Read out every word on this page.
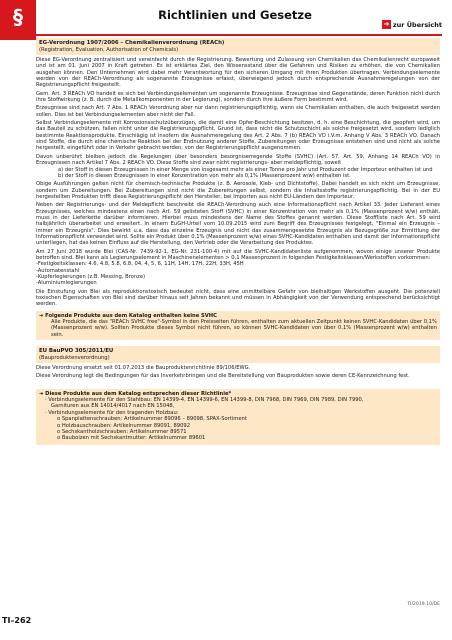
§	Richtlinien und Gesetze
➜ zur Übersicht
EG-Verordnung 1907/2006 – Chemikalienverordnung (REACh)
(Registration, Evaluation, Authorisation of Chemicals)

Diese EG-Verordnung zentralisiert und vereinfacht durch die Registrierung, Bewertung und Zulassung von Chemikalien das Chemikalienrecht europaweit und ist am 01. Juni 2007 in Kraft getreten. Es ist erklärtes Ziel, den Wissensstand über die Gefahren und Risiken zu erhöhen, die von Chemikalien ausgehen können. Den Unternehmen wird dabei mehr Verantwortung für den sicheren Umgang mit ihren Produkten übertragen. Verbindungselemente werden von der REACh-Verordnung als sogenannte Erzeugnisse erfasst, überwiegend jedoch durch entsprechende Ausnahmeregelungen von der Registrierungspflicht freigestellt.

Gem. Art. 3 REACh VO handelt es sich bei Verbindungselementen um sogenannte Erzeugnisse. Erzeugnisse sind Gegenstände, deren Funktion nicht durch ihre Stoffwirkung (z. B. durch die Metallkomponenten in der Legierung), sondern durch ihre äußere Form bestimmt wird.

Erzeugnisse sind nach Art. 7 Abs. 1 REACh Verordnung aber nur dann registrierungspflichtig, wenn sie Chemikalien enthalten, die auch freigesetzt werden sollen. Dies ist bei Verbindungselementen aber nicht der Fall.

Selbst Verbindungselemente mit Korrosionsschutzüberzügen, die damit eine Opfer-Beschichtung besitzen, d. h. eine Beschichtung, die geopfert wird, um das Bauteil zu schützen, fallen nicht unter die Registrierungspflicht. Grund ist, dass nicht die Schutzschicht als solche freigesetzt wird, sondern lediglich bestimmte Reaktionsprodukte. Einschlägig ist insofern die Ausnahmeregelung des Art. 2 Abs. 7 (b) REACh VO i.V.m. Anhang V Abs. 3 REACh VO. Danach sind Stoffe, die durch eine chemische Reaktion bei der Endnutzung anderer Stoffe, Zubereitungen oder Erzeugnisse entstehen sind und nicht als solche hergestellt, eingeführt oder in Verkehr gebracht werden, von der Registrierungspflicht ausgenommen.

Davon unberührt bleiben jedoch die Regelungen über besonders besorgniserregende Stoffe (SVHC) (Art. 57, Art. 59, Anhang 14 REACh VO) in Erzeugnissen nach Artikel 7 Abs. 2 REACh VO. Diese Stoffe sind zwar nicht registrierungs- aber meldepflichtig, soweit

a) der Stoff in diesen Erzeugnissen in einer Menge von insgesamt mehr als einer Tonne pro Jahr und Produzent oder Importeur enthalten ist und
b) der Stoff in diesen Erzeugnissen in einer Konzentration von mehr als 0,1% (Massenprozent w/w) enthalten ist.

Obige Ausführungen gelten nicht für chemisch-technische Produkte (z. B. Aerosole, Kleb- und Dichtstoffe). Dabei handelt es sich nicht um Erzeugnisse, sondern um Zubereitungen. Bei Zubereitungen sind nicht die Zubereitungen selbst, sondern die Inhaltsstoffe registrierungspflichtig. Bei in der EU hergestellten Produkten trifft diese Registrierungspflicht den Hersteller, bei Importen aus nicht EU-Ländern den Importeur.

Neben der Registrierungs- und der Meldepflicht beschreibt die REACh-Verordnung auch eine Informationspflicht nach Artikel 33. Jeder Lieferant eines Erzeugnisses, welches mindestens einen nach Art. 59 gelisteten Stoff (SVHC) in einer Konzentration von mehr als 0,1% (Massenprozent w/w) enthält, muss in der Lieferkette darüber informieren. Hierbei muss mindestens der Name des Stoffes genannt werden. Diese Stoffliste nach Art. 59 wird halbjährlich überarbeitet und erweitert. In einem EuGH-Urteil vom 10.09.2015 wird zum Begriff des Erzeugnisses festgelegt, "Einmal ein Erzeugnis – immer ein Erzeugnis". Dies bewirkt u.a. dass das einzelne Erzeugnis und nicht das zusammengesetzte Erzeugnis als Bezugsgröße zur Ermittlung der Informationspflicht verwendet wird. Sollte ein Produkt über 0,1% (Massenprozent w/w) eines SVHC-Kandidaten enthalten und damit der Informationspflicht unterliegen, hat das keinen Einfluss auf die Herstellung, den Vertrieb oder die Verarbeitung des Produktes.

Am 27 Juni 2018 wurde Blei (CAS-Nr. 7439-92-1, EG-Nr. 231-100-4) mit auf die SVHC-Kandidatenliste aufgenommen, wovon einige unserer Produkte betroffen sind. Blei kann als Legierungselement in Maschinenelementen > 0,1 Massenprozent in folgenden Festigkeitsklassen/Werkstoffen vorkommen:

-Festigkeitsklassen: 4.6, 4.8, 5.8, 6.8, 04, 4, 5, 6, 11H, 14H, 17H, 22H, 33H, 45H
-Automatenstahl
-Kupferlegierungen (z.B. Messing, Bronze)
-Aluminiumlegierungen

Die Einstufung von Blei als reproduktionstoxisch bedeutet nicht, dass eine unmittelbare Gefahr von bleihaltigen Werkstoffen ausgeht. Die potenziell toxischen Eigenschaften von Blei sind darüber hinaus seit Jahren bekannt und müssen in Abhängigkeit von der Verwendung entsprechend berücksichtigt werden.

➜ Folgende Produkte aus dem Katalog enthalten keine SVHC
Alle Produkte, die das "REACh SVHC free"-Symbol in den Preisseiten führen, enthalten zum aktuellen Zeitpunkt keinen SVHC-Kandidaten über 0,1% (Massenprozent w/w). Sollten Produkte dieses Symbol nicht führen, so können SVHC-Kandidaten von über 0,1% (Massenprozent w/w) enthalten sein.
EU BauPVO 305/2011/EU
(Bauproduktenverordnung)

Diese Verordnung ersetzt seit 01.07.2013 die Bauproduktenrichtlinie 89/106/EWG.

Diese Verordnung legt die Bedingungen für das Inverkehrbringen und die Bereitstellung von Bauprodukten sowie deren CE-Kennzeichnung fest.

➜ Diese Produkte aus dem Katalog entsprechen dieser Richtlinie*
· Verbindungselemente für den Stahlbau: EN 14399-4, EN 14399-6, EN 14399-8, DIN 7968, DIN 7969, DIN 7989, DIN 7990,
Garnituren aus EN 14014/4017 nach EN 15048,
· Verbindungselemente für den tragenden Holzbau:
o Spanplattenschrauben: Artikelnummer 89096 – 89098, SPAX-Sortiment
o Holzbauschrauben: Artikelnummer 89091, 89092
o Sechskantholzschrauben: Artikelnummer 89571
o Bauboizen mit Sechskantmutter: Artikelnummer 89601
TI/2019.10/DE
TI–262
